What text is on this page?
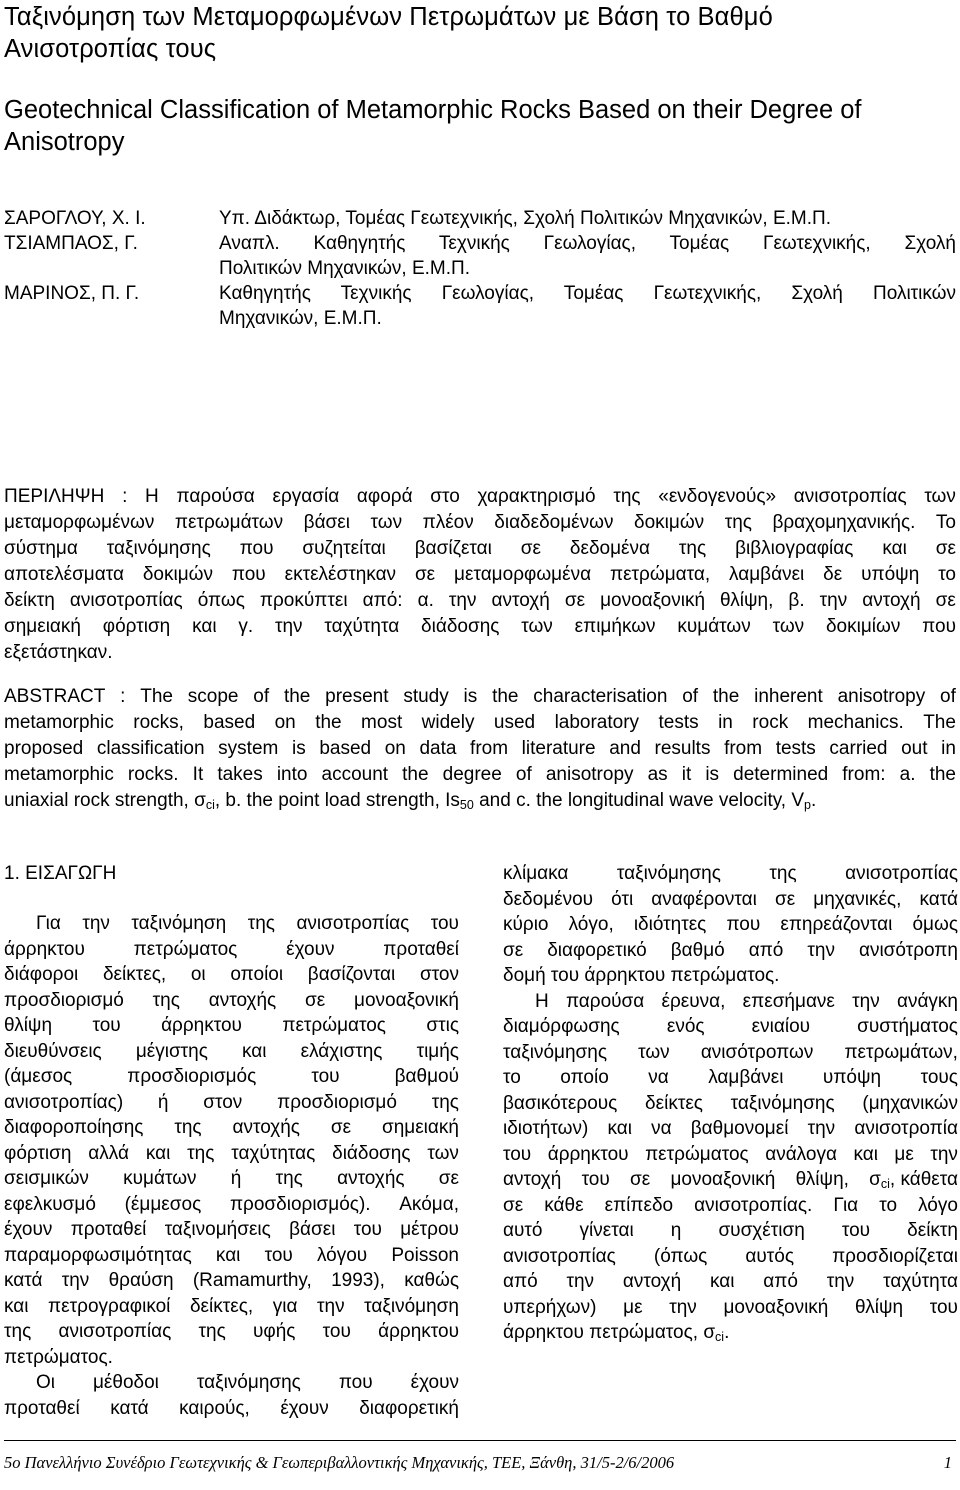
Ταξινόμηση των Μεταμορφωμένων Πετρωμάτων με Βάση το Βαθμό
Ανισοτροπίας τους
Geotechnical Classification of Metamorphic Rocks Based on their Degree of
Anisotropy
ΣΑΡΟΓΛΟΥ, Χ. Ι.	Υπ. Διδάκτωρ, Τομέας Γεωτεχνικής, Σχολή Πολιτικών Μηχανικών, Ε.Μ.Π.
ΤΣΙΑΜΠΑΟΣ, Γ.	Αναπλ. Καθηγητής Τεχνικής Γεωλογίας, Τομέας Γεωτεχνικής, Σχολή
Πολιτικών Μηχανικών, Ε.Μ.Π.
ΜΑΡΙΝΟΣ, Π. Γ.	Καθηγητής Τεχνικής Γεωλογίας, Τομέας Γεωτεχνικής, Σχολή Πολιτικών
Μηχανικών, Ε.Μ.Π.
ΠΕΡΙΛΗΨΗ : Η παρούσα εργασία αφορά στο χαρακτηρισμό της «ενδογενούς» ανισοτροπίας των
μεταμορφωμένων πετρωμάτων βάσει των πλέον διαδεδομένων δοκιμών της βραχομηχανικής. Το
σύστημα ταξινόμησης που συζητείται βασίζεται σε δεδομένα της βιβλιογραφίας και σε
αποτελέσματα δοκιμών που εκτελέστηκαν σε μεταμορφωμένα πετρώματα, λαμβάνει δε υπόψη το
δείκτη ανισοτροπίας όπως προκύπτει από: α. την αντοχή σε μονοαξονική θλίψη, β. την αντοχή σε
σημειακή φόρτιση και γ. την ταχύτητα διάδοσης των επιμήκων κυμάτων των δοκιμίων που
εξετάστηκαν.
ABSTRACT : The scope of the present study is the characterisation of the inherent anisotropy of
metamorphic rocks, based on the most widely used laboratory tests in rock mechanics. The
proposed classification system is based on data from literature and results from tests carried out in
metamorphic rocks. It takes into account the degree of anisotropy as it is determined from: a. the
uniaxial rock strength, $\sigma_{ci}$, b. the point load strength, $Is_{50}$ and c. the longitudinal wave velocity, $V_p$.
1. ΕΙΣΑΓΩΓΗ
Για την ταξινόμηση της ανισοτροπίας του
άρρηκτου	πετρώματος	έχουν	προταθεί
διάφοροι δείκτες, οι οποίοι βασίζονται στον
προσδιορισμό της αντοχής σε μονοαξονική
θλίψη του άρρηκτου πετρώματος στις
διευθύνσεις μέγιστης και ελάχιστης τιμής
(άμεσος	προσδιορισμός	του	βαθμού
ανισοτροπίας) ή στον προσδιορισμό της
διαφοροποίησης της αντοχής σε σημειακή
φόρτιση αλλά και της ταχύτητας διάδοσης των
σεισμικών κυμάτων ή της αντοχής σε
εφελκυσμό (έμμεσος προσδιορισμός). Ακόμα,
έχουν προταθεί ταξινομήσεις βάσει του μέτρου
παραμορφωσιμότητας και του λόγου Poisson
κατά την θραύση (Ramamurthy, 1993), καθώς
και πετρογραφικοί δείκτες, για την ταξινόμηση
της ανισοτροπίας της υφής του άρρηκτου
πετρώματος.
Οι μέθοδοι ταξινόμησης που έχουν
προταθεί κατά καιρούς, έχουν διαφορετική
κλίμακα	ταξινόμησης	της	ανισοτροπίας
δεδομένου ότι αναφέρονται σε μηχανικές, κατά
κύριο λόγο, ιδιότητες που επηρεάζονται όμως
σε διαφορετικό βαθμό από την ανισότροπη
δομή του άρρηκτου πετρώματος.
Η παρούσα έρευνα, επεσήμανε την ανάγκη
διαμόρφωσης ενός ενιαίου συστήματος
ταξινόμησης των ανισότροπων πετρωμάτων,
το οποίο να λαμβάνει υπόψη τους
βασικότερους δείκτες ταξινόμησης (μηχανικών
ιδιοτήτων) και να βαθμονομεί την ανισοτροπία
του άρρηκτου πετρώματος ανάλογα και με την
αντοχή του σε μονοαξονική θλίψη, $\sigma_{ci}$, κάθετα
σε κάθε επίπεδο ανισοτροπίας. Για το λόγο
αυτό γίνεται η συσχέτιση του δείκτη
ανισοτροπίας (όπως αυτός προσδιορίζεται
από την αντοχή και από την ταχύτητα
υπερήχων) με την μονοαξονική θλίψη του
άρρηκτου πετρώματος, $\sigma_{ci}$.
5o Πανελλήνιο Συνέδριο Γεωτεχνικής & Γεωπεριβαλλοντικής Μηχανικής, ΤΕΕ, Ξάνθη, 31/5-2/6/2006	1
